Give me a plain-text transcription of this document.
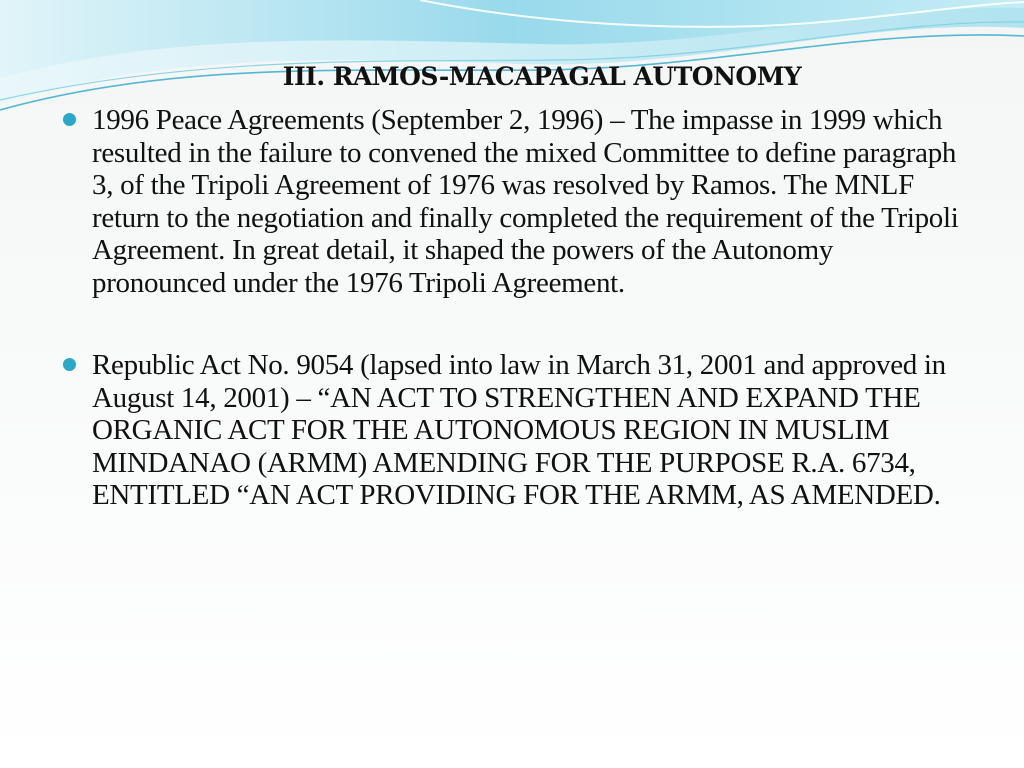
III. RAMOS-MACAPAGAL AUTONOMY
1996 Peace Agreements (September 2, 1996) – The impasse in 1999 which resulted in the failure to convened the mixed Committee to define paragraph 3, of the Tripoli Agreement of 1976 was resolved by Ramos. The MNLF return to the negotiation and finally completed the requirement of the Tripoli Agreement. In great detail, it shaped the powers of the Autonomy pronounced under the 1976 Tripoli Agreement.
Republic Act No. 9054 (lapsed into law in March 31, 2001 and approved in August 14, 2001) – “AN ACT TO STRENGTHEN AND EXPAND THE ORGANIC ACT FOR THE AUTONOMOUS REGION IN MUSLIM MINDANAO (ARMM) AMENDING FOR THE PURPOSE R.A. 6734, ENTITLED “AN ACT PROVIDING FOR THE ARMM, AS AMENDED.
